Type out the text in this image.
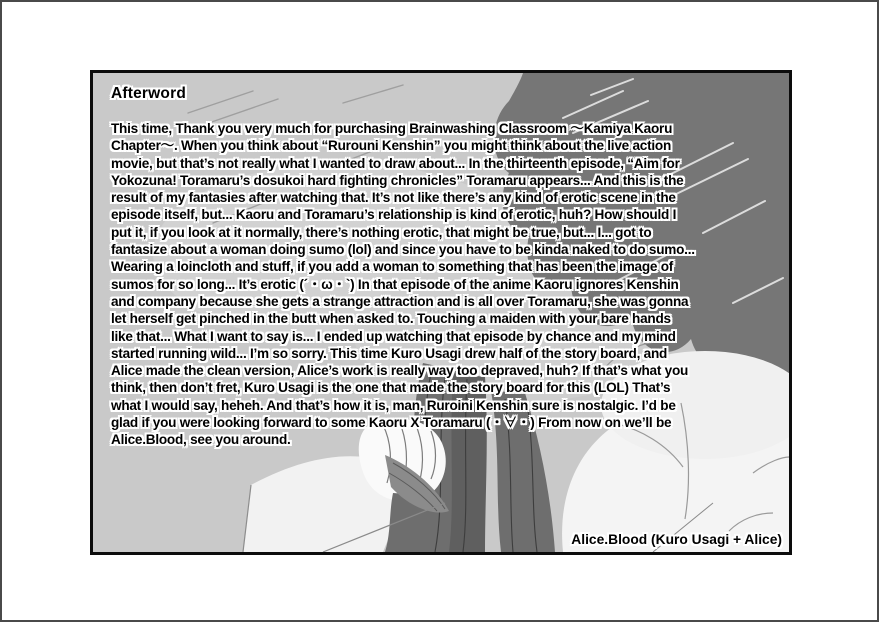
Afterword
This time, Thank you very much for purchasing Brainwashing Classroom ～Kamiya Kaoru
Chapter～. When you think about “Rurouni Kenshin” you might think about the live action
movie, but that’s not really what I wanted to draw about... In the thirteenth episode, “Aim for
Yokozuna! Toramaru’s dosukoi hard fighting chronicles” Toramaru appears... And this is the
result of my fantasies after watching that. It’s not like there’s any kind of erotic scene in the
episode itself, but... Kaoru and Toramaru’s relationship is kind of erotic, huh? How should I
put it, if you look at it normally, there’s nothing erotic, that might be true, but... I... got to
fantasize about a woman doing sumo (lol) and since you have to be kinda naked to do sumo...
Wearing a loincloth and stuff, if you add a woman to something that has been the image of
sumos for so long... It’s erotic (´・ω・`) In that episode of the anime Kaoru ignores Kenshin
and company because she gets a strange attraction and is all over Toramaru, she was gonna
let herself get pinched in the butt when asked to. Touching a maiden with your bare hands
like that... What I want to say is... I ended up watching that episode by chance and my mind
started running wild... I’m so sorry. This time Kuro Usagi drew half of the story board, and
Alice made the clean version, Alice’s work is really way too depraved, huh? If that’s what you
think, then don’t fret, Kuro Usagi is the one that made the story board for this (LOL) That’s
what I would say, heheh. And that’s how it is, man, Ruroini Kenshin sure is nostalgic. I’d be
glad if you were looking forward to some Kaoru X Toramaru (・∀・) From now on we’ll be
Alice.Blood, see you around.
Alice.Blood (Kuro Usagi + Alice)
